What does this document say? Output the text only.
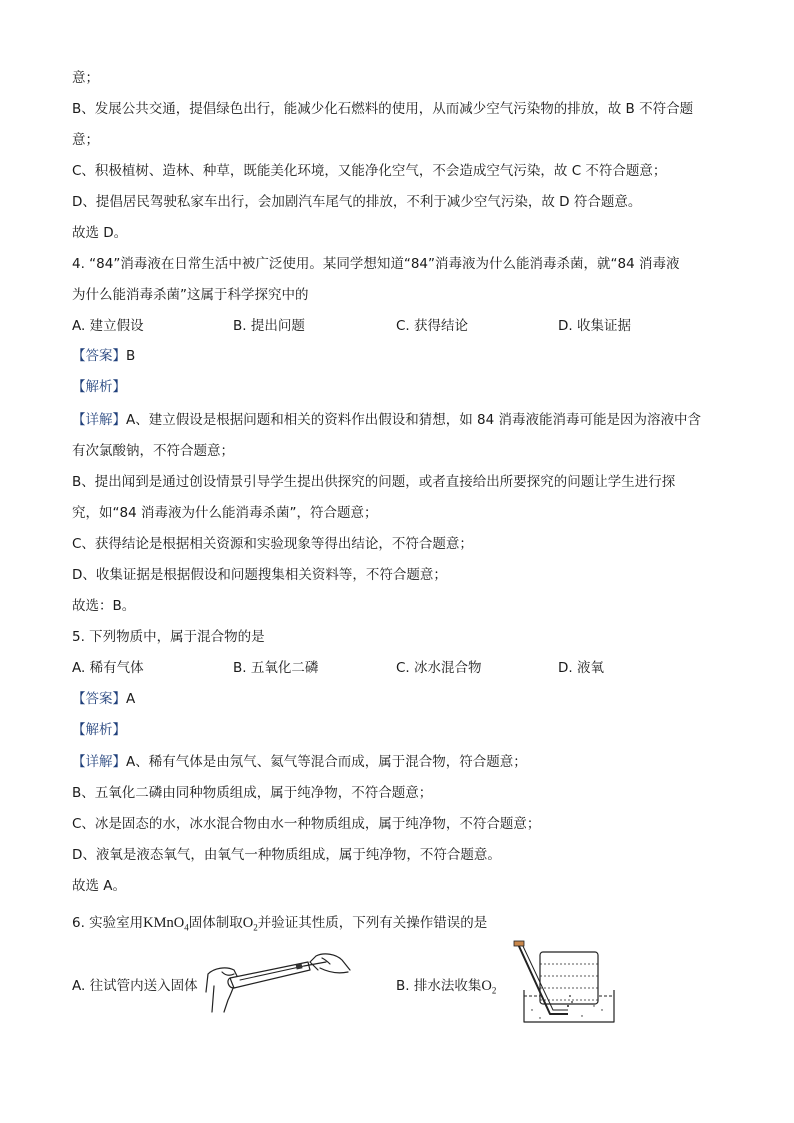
意；
B、发展公共交通，提倡绿色出行，能减少化石燃料的使用，从而减少空气污染物的排放，故 B 不符合题
意；
C、积极植树、造林、种草，既能美化环境，又能净化空气，不会造成空气污染，故 C 不符合题意；
D、提倡居民驾驶私家车出行，会加剧汽车尾气的排放，不利于减少空气污染，故 D 符合题意。
故选 D。
4. “84”消毒液在日常生活中被广泛使用。某同学想知道“84”消毒液为什么能消毒杀菌，就“84 消毒液
为什么能消毒杀菌”这属于科学探究中的
A. 建立假设	B. 提出问题	C. 获得结论	D. 收集证据
【 答案 】 B
【 解析 】
【 详解 】 A、建立假设是根据问题和相关的资料作出假设和猜想，如 84 消毒液能消毒可能是因为溶液中含
有次氯酸钠，不符合题意；
B、提出闻到是通过创设情景引导学生提出供探究的问题，或者直接给出所要探究的问题让学生进行探
究，如“84 消毒液为什么能消毒杀菌”，符合题意；
C、获得结论是根据相关资源和实验现象等得出结论，不符合题意；
D、收集证据是根据假设和问题搜集相关资料等，不符合题意；
故选：B。
5. 下列物质中，属于混合物的是
A. 稀有气体	B. 五氧化二磷	C. 冰水混合物	D. 液氧
【 答案 】 A
【 解析 】
【 详解 】 A、稀有气体是由氖气、氦气等混合而成，属于混合物，符合题意；
B、五氧化二磷由同种物质组成，属于纯净物，不符合题意；
C、冰是固态的水，冰水混合物由水一种物质组成，属于纯净物，不符合题意；
D、液氧是液态氧气，由氧气一种物质组成，属于纯净物，不符合题意。
故选 A。
6. 实验室用KMnO$_4$固体制取$O_2$并验证其性质，下列有关操作错误的是
A. 往试管内送入固体	B. 排水法收集$O_2$
